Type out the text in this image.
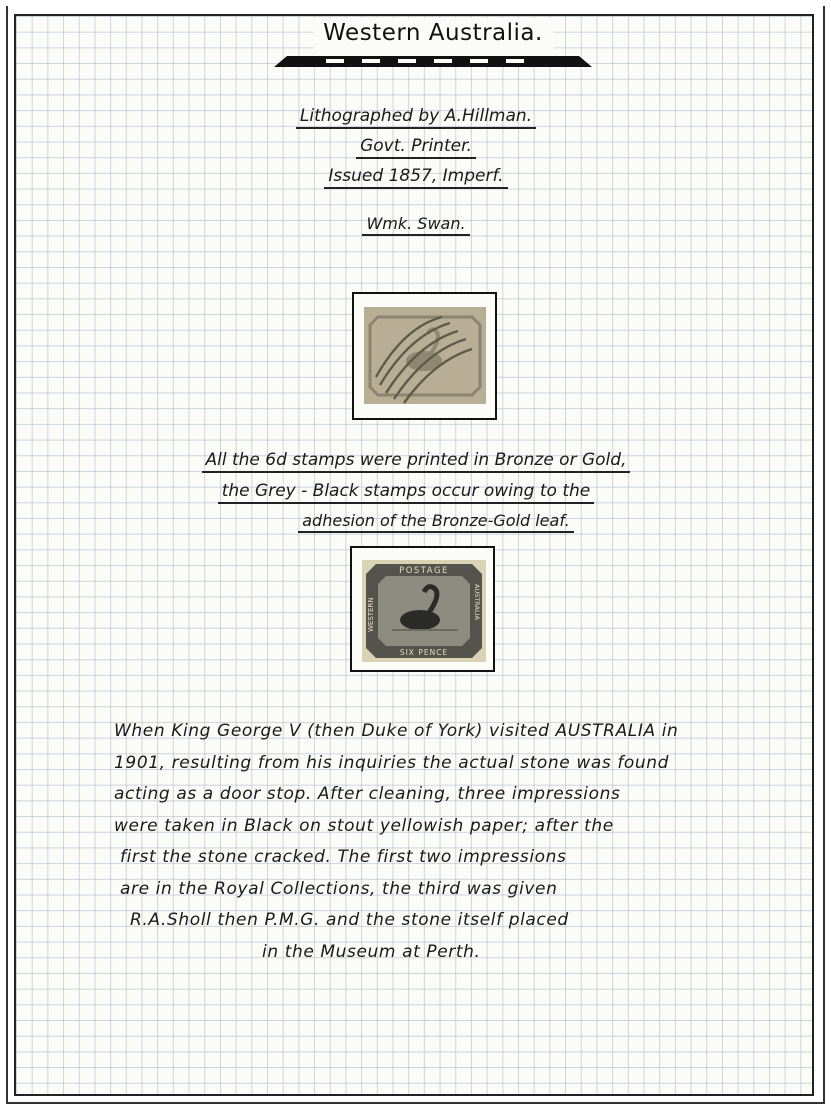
Western Australia.
Lithographed by A.Hillman.
Govt. Printer.
Issued 1857, Imperf.
Wmk. Swan.
All the 6d stamps were printed in Bronze or Gold,
the Grey - Black stamps occur owing to the
adhesion of the Bronze-Gold leaf.
POSTAGE
WESTERN	AUSTRALIA
SIX PENCE
When King George V (then Duke of York) visited AUSTRALIA in
1901, resulting from his inquiries the actual stone was found
acting as a door stop. After cleaning, three impressions
were taken in Black on stout yellowish paper; after the
first the stone cracked. The first two impressions
are in the Royal Collections, the third was given
R.A.Sholl then P.M.G. and the stone itself placed
in the Museum at Perth.
